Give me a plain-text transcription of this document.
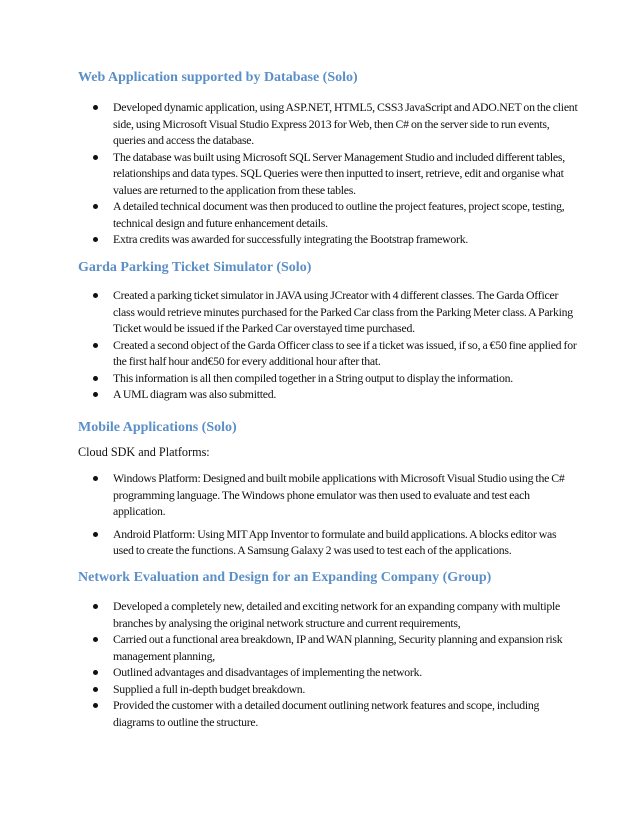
Web Application supported by Database (Solo)
Developed dynamic application, using ASP.NET, HTML5, CSS3 JavaScript and ADO.NET on the client side, using Microsoft Visual Studio Express 2013 for Web, then C# on the server side to run events, queries and access the database.
The database was built using Microsoft SQL Server Management Studio and included different tables, relationships and data types. SQL Queries were then inputted to insert, retrieve, edit and organise what values are returned to the application from these tables.
A detailed technical document was then produced to outline the project features, project scope, testing, technical design and future enhancement details.
Extra credits was awarded for successfully integrating the Bootstrap framework.
Garda Parking Ticket Simulator (Solo)
Created a parking ticket simulator in JAVA using JCreator with 4 different classes. The Garda Officer class would retrieve minutes purchased for the Parked Car class from the Parking Meter class. A Parking Ticket would be issued if the Parked Car overstayed time purchased.
Created a second object of the Garda Officer class to see if a ticket was issued, if so, a €50 fine applied for the first half hour and€50 for every additional hour after that.
This information is all then compiled together in a String output to display the information.
A UML diagram was also submitted.
Mobile Applications (Solo)

Cloud SDK and Platforms:

Windows Platform: Designed and built mobile applications with Microsoft Visual Studio using the C# programming language. The Windows phone emulator was then used to evaluate and test each application.
Android Platform: Using MIT App Inventor to formulate and build applications. A blocks editor was used to create the functions. A Samsung Galaxy 2 was used to test each of the applications.
Network Evaluation and Design for an Expanding Company (Group)
Developed a completely new, detailed and exciting network for an expanding company with multiple branches by analysing the original network structure and current requirements,
Carried out a functional area breakdown, IP and WAN planning, Security planning and expansion risk management planning,
Outlined advantages and disadvantages of implementing the network.
Supplied a full in-depth budget breakdown.
Provided the customer with a detailed document outlining network features and scope, including diagrams to outline the structure.
